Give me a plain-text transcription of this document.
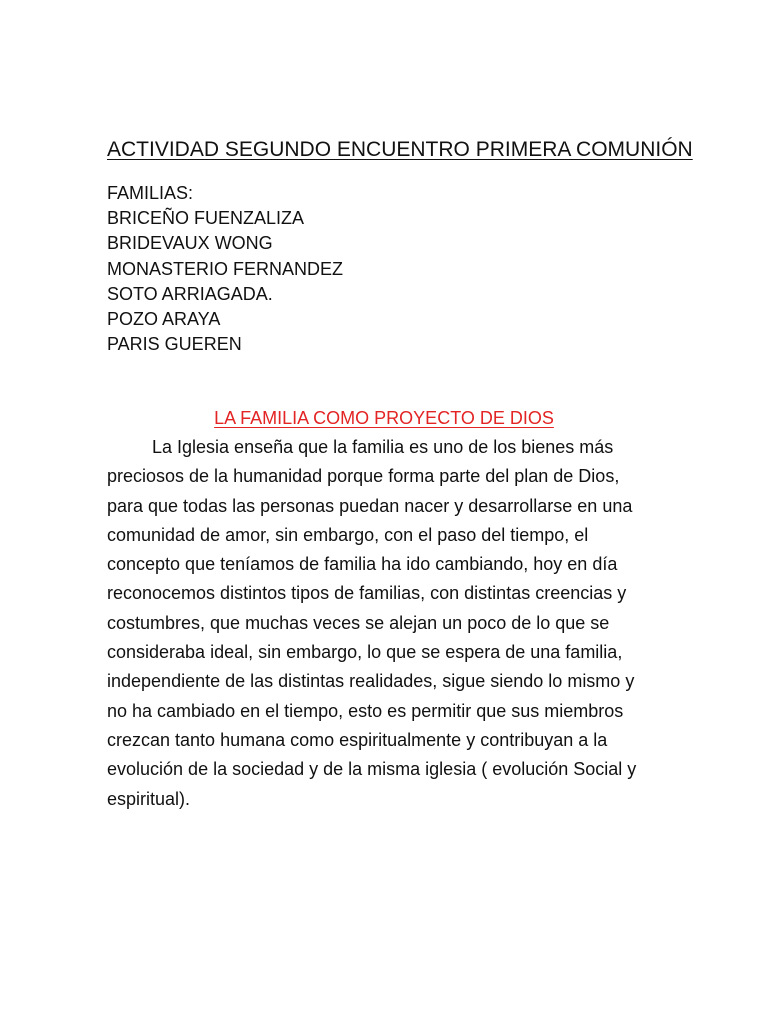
ACTIVIDAD SEGUNDO ENCUENTRO PRIMERA COMUNIÓN
FAMILIAS:
BRICEÑO FUENZALIZA
BRIDEVAUX WONG
MONASTERIO FERNANDEZ
SOTO ARRIAGADA.
POZO ARAYA
PARIS GUEREN
LA FAMILIA COMO PROYECTO DE DIOS
La Iglesia enseña que la familia es uno de los bienes más
preciosos de la humanidad porque forma parte del plan de Dios,
para que todas las personas puedan nacer y desarrollarse en una
comunidad de amor, sin embargo, con el paso del tiempo, el
concepto que teníamos de familia ha ido cambiando, hoy en día
reconocemos distintos tipos de familias, con distintas creencias y
costumbres, que muchas veces se alejan un poco de lo que se
consideraba ideal, sin embargo, lo que se espera de una familia,
independiente de las distintas realidades, sigue siendo lo mismo y
no ha cambiado en el tiempo, esto es permitir que sus miembros
crezcan tanto humana como espiritualmente y contribuyan a la
evolución de la sociedad y de la misma iglesia ( evolución Social y
espiritual).
